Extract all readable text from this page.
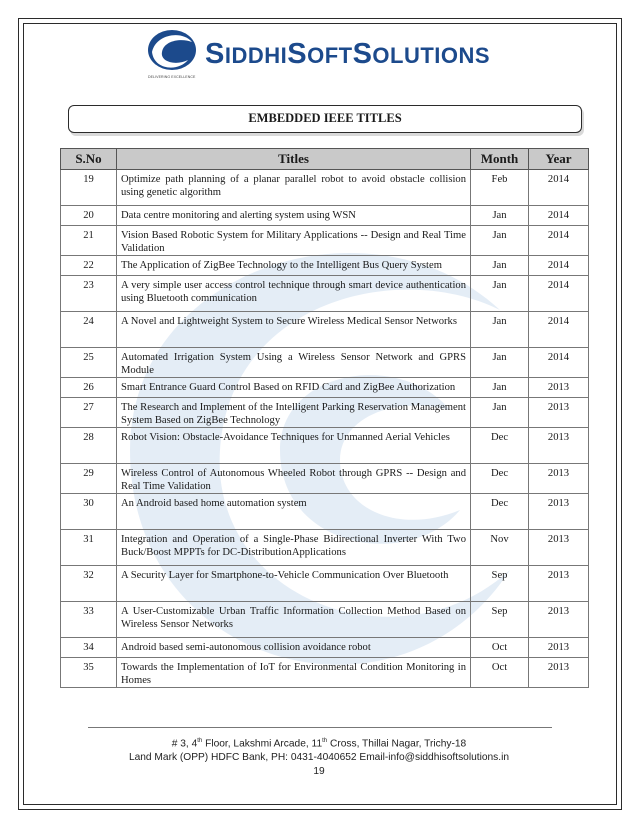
DELIVERING EXCELLENCE
SIDDHISOFTSOLUTIONS
EMBEDDED IEEE TITLES
S.No	Titles	Month	Year
19	Optimize path planning of a planar parallel robot to avoid obstacle collision using genetic algorithm	Feb	2014
20	Data centre monitoring and alerting system using WSN	Jan	2014
21	Vision Based Robotic System for Military Applications -- Design and Real Time Validation	Jan	2014
22	The Application of ZigBee Technology to the Intelligent Bus Query System	Jan	2014
23	A very simple user access control technique through smart device authentication using Bluetooth communication	Jan	2014
24	A Novel and Lightweight System to Secure Wireless Medical Sensor Networks	Jan	2014
25	Automated Irrigation System Using a Wireless Sensor Network and GPRS Module	Jan	2014
26	Smart Entrance Guard Control Based on RFID Card and ZigBee Authorization	Jan	2013
27	The Research and Implement of the Intelligent Parking Reservation Management System Based on ZigBee Technology	Jan	2013
28	Robot Vision: Obstacle-Avoidance Techniques for Unmanned Aerial Vehicles	Dec	2013
29	Wireless Control of Autonomous Wheeled Robot through GPRS -- Design and Real Time Validation	Dec	2013
30	An Android based home automation system	Dec	2013
31	Integration and Operation of a Single-Phase Bidirectional Inverter With Two Buck/Boost MPPTs for DC-DistributionApplications	Nov	2013
32	A Security Layer for Smartphone-to-Vehicle Communication Over Bluetooth	Sep	2013
33	A User-Customizable Urban Traffic Information Collection Method Based on Wireless Sensor Networks	Sep	2013
34	Android based semi-autonomous collision avoidance robot	Oct	2013
35	Towards the Implementation of IoT for Environmental Condition Monitoring in Homes	Oct	2013
# 3, 4th Floor, Lakshmi Arcade, 11th Cross, Thillai Nagar, Trichy-18
Land Mark (OPP) HDFC Bank, PH: 0431-4040652 Email-info@siddhisoftsolutions.in
19
